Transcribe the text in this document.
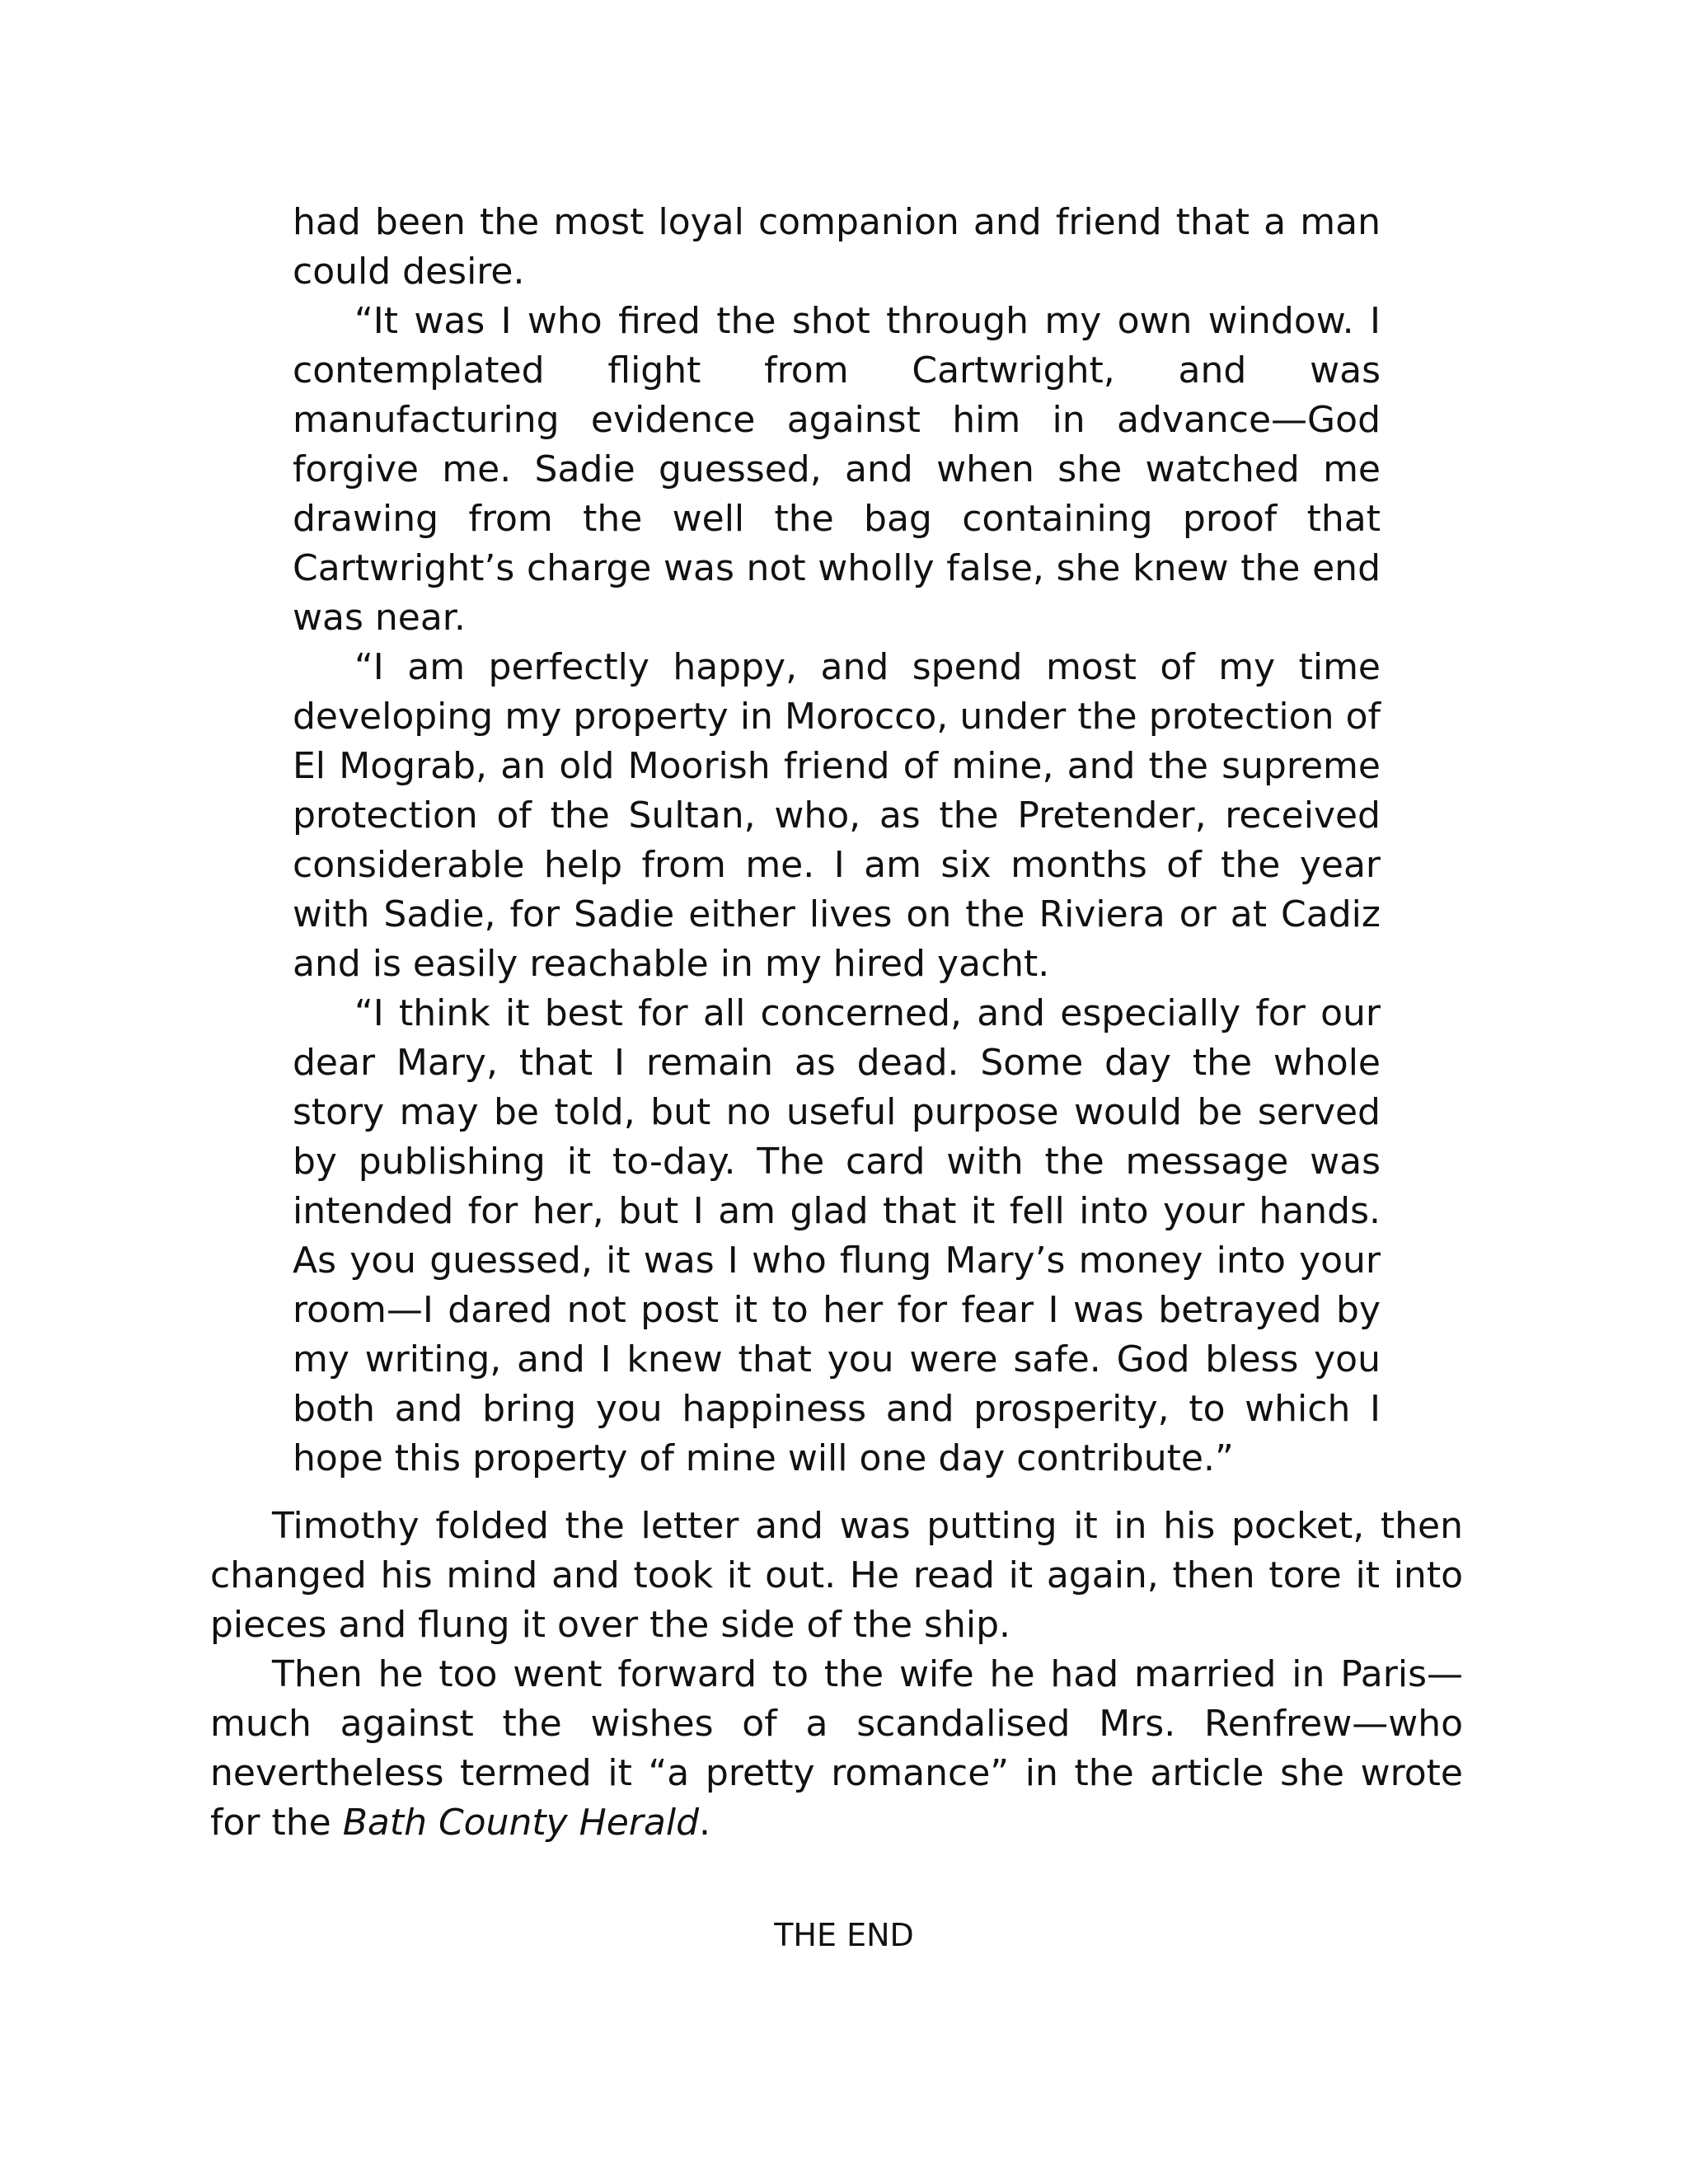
had been the most loyal companion and friend that a man could desire.

“It was I who fired the shot through my own window. I contemplated flight from Cartwright, and was manufacturing evidence against him in advance—God forgive me. Sadie guessed, and when she watched me drawing from the well the bag containing proof that Cartwright’s charge was not wholly false, she knew the end was near.

“I am perfectly happy, and spend most of my time developing my property in Morocco, under the protection of El Mograb, an old Moorish friend of mine, and the supreme protection of the Sultan, who, as the Pretender, received considerable help from me. I am six months of the year with Sadie, for Sadie either lives on the Riviera or at Cadiz and is easily reachable in my hired yacht.

“I think it best for all concerned, and especially for our dear Mary, that I remain as dead. Some day the whole story may be told, but no useful purpose would be served by publishing it to-day. The card with the message was intended for her, but I am glad that it fell into your hands. As you guessed, it was I who flung Mary’s money into your room—I dared not post it to her for fear I was betrayed by my writing, and I knew that you were safe. God bless you both and bring you happiness and prosperity, to which I hope this property of mine will one day contribute.”

Timothy folded the letter and was putting it in his pocket, then changed his mind and took it out. He read it again, then tore it into pieces and flung it over the side of the ship.

Then he too went forward to the wife he had married in Paris—much against the wishes of a scandalised Mrs. Renfrew—who nevertheless termed it “a pretty romance” in the article she wrote for the Bath County Herald.

THE END
